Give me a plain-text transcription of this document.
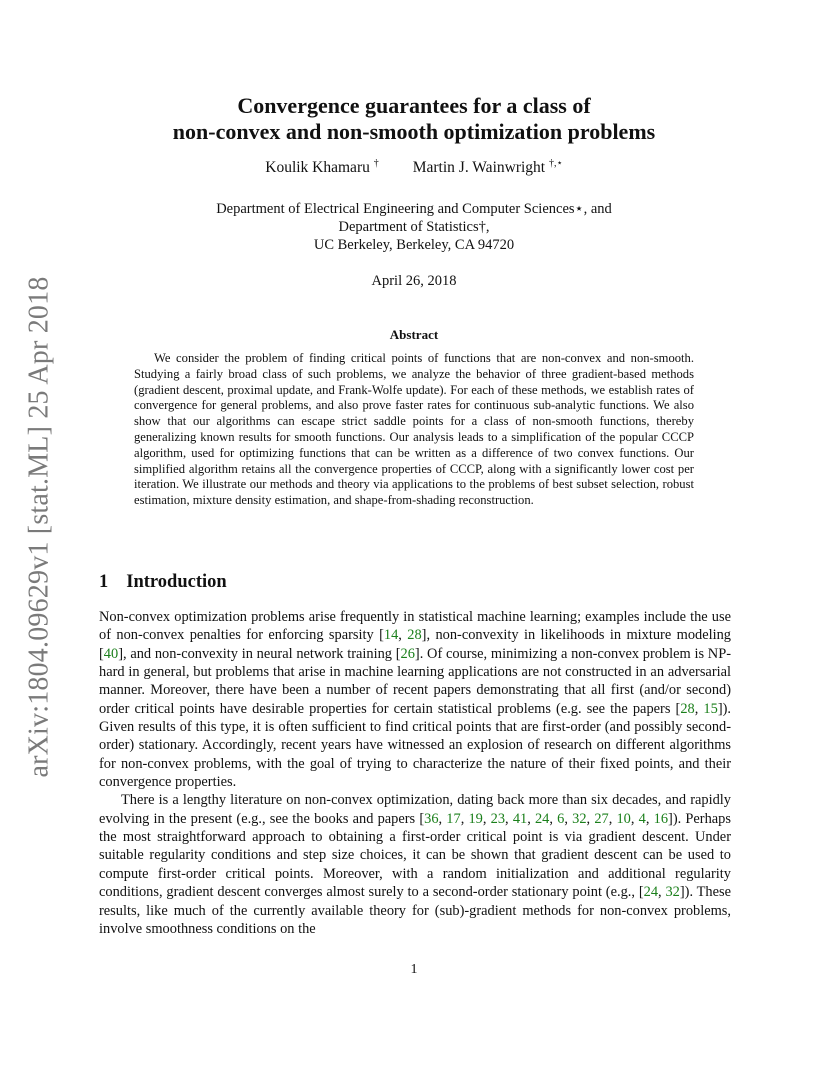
arXiv:1804.09629v1 [stat.ML] 25 Apr 2018
Convergence guarantees for a class of
non-convex and non-smooth optimization problems
Koulik Khamaru † Martin J. Wainwright †,⋆
Department of Electrical Engineering and Computer Sciences⋆, and
Department of Statistics†,
UC Berkeley, Berkeley, CA 94720
April 26, 2018
Abstract
We consider the problem of finding critical points of functions that are non-convex and non-smooth. Studying a fairly broad class of such problems, we analyze the behavior of three gradient-based methods (gradient descent, proximal update, and Frank-Wolfe update). For each of these methods, we establish rates of convergence for general problems, and also prove faster rates for continuous sub-analytic functions. We also show that our algorithms can escape strict saddle points for a class of non-smooth functions, thereby generalizing known results for smooth functions. Our analysis leads to a simplification of the popular CCCP algorithm, used for optimizing functions that can be written as a difference of two convex functions. Our simplified algorithm retains all the convergence properties of CCCP, along with a significantly lower cost per iteration. We illustrate our methods and theory via applications to the problems of best subset selection, robust estimation, mixture density estimation, and shape-from-shading reconstruction.
1 Introduction

Non-convex optimization problems arise frequently in statistical machine learning; examples include the use of non-convex penalties for enforcing sparsity [14, 28], non-convexity in likelihoods in mixture modeling [40], and non-convexity in neural network training [26]. Of course, minimizing a non-convex problem is NP-hard in general, but problems that arise in machine learning applications are not constructed in an adversarial manner. Moreover, there have been a number of recent papers demonstrating that all first (and/or second) order critical points have desirable properties for certain statistical problems (e.g. see the papers [28, 15]). Given results of this type, it is often sufficient to find critical points that are first-order (and possibly second-order) stationary. Accordingly, recent years have witnessed an explosion of research on different algorithms for non-convex problems, with the goal of trying to characterize the nature of their fixed points, and their convergence properties.

There is a lengthy literature on non-convex optimization, dating back more than six decades, and rapidly evolving in the present (e.g., see the books and papers [36, 17, 19, 23, 41, 24, 6, 32, 27, 10, 4, 16]). Perhaps the most straightforward approach to obtaining a first-order critical point is via gradient descent. Under suitable regularity conditions and step size choices, it can be shown that gradient descent can be used to compute first-order critical points. Moreover, with a random initialization and additional regularity conditions, gradient descent converges almost surely to a second-order stationary point (e.g., [24, 32]). These results, like much of the currently available theory for (sub)-gradient methods for non-convex problems, involve smoothness conditions on the

1
